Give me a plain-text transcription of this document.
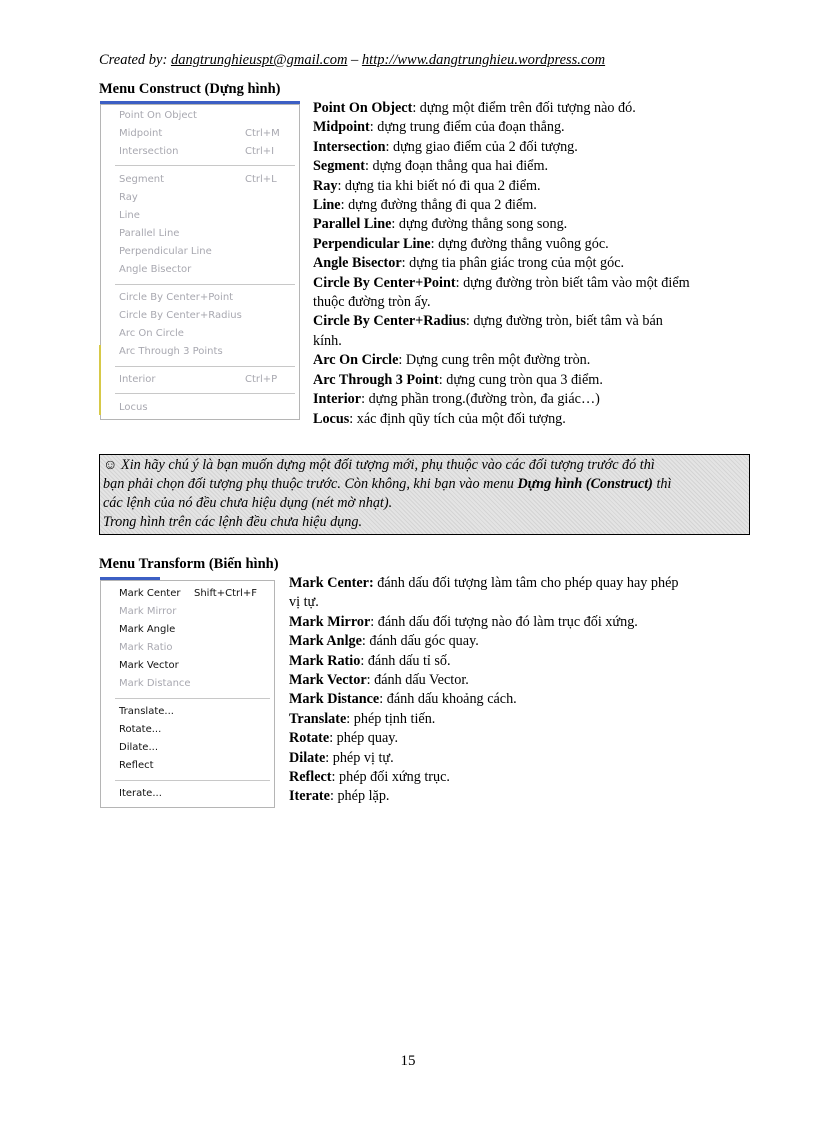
Created by: dangtrunghieuspt@gmail.com – http://www.dangtrunghieu.wordpress.com
Menu Construct (Dựng hình)
Point On Object
Midpoint	Ctrl+M
Intersection	Ctrl+I
Segment	Ctrl+L
Ray
Line
Parallel Line
Perpendicular Line
Angle Bisector
Circle By Center+Point
Circle By Center+Radius
Arc On Circle
Arc Through 3 Points
Interior	Ctrl+P
Locus
Point On Object: dựng một điểm trên đối tượng nào đó.
Midpoint: dựng trung điểm của đoạn thẳng.
Intersection: dựng giao điểm của 2 đối tượng.
Segment: dựng đoạn thẳng qua hai điểm.
Ray: dựng tia khi biết nó đi qua 2 điểm.
Line: dựng đường thẳng đi qua 2 điểm.
Parallel Line: dựng đường thẳng song song.
Perpendicular Line: dựng đường thẳng vuông góc.
Angle Bisector: dựng tia phân giác trong của một góc.
Circle By Center+Point: dựng đường tròn biết tâm vào một điểm
thuộc đường tròn ấy.
Circle By Center+Radius: dựng đường tròn, biết tâm và bán
kính.
Arc On Circle: Dựng cung trên một đường tròn.
Arc Through 3 Point: dựng cung tròn qua 3 điểm.
Interior: dựng phần trong.(đường tròn, đa giác…)
Locus: xác định qũy tích của một đối tượng.
☺ Xin hãy chú ý là bạn muốn dựng một đối tượng mới, phụ thuộc vào các đối tượng trước đó thì
bạn phải chọn đối tượng phụ thuộc trước. Còn không, khi bạn vào menu Dựng hình (Construct) thì
các lệnh của nó đều chưa hiệu dụng (nét mờ nhạt).
Trong hình trên các lệnh đều chưa hiệu dụng.
Menu Transform (Biến hình)
Mark Center Shift+Ctrl+F
Mark Mirror
Mark Angle
Mark Ratio
Mark Vector
Mark Distance
Translate...
Rotate...
Dilate...
Reflect
Iterate...
Mark Center: đánh dấu đối tượng làm tâm cho phép quay hay phép
vị tự.
Mark Mirror: đánh dấu đối tượng nào đó làm trục đối xứng.
Mark Anlge: đánh dấu góc quay.
Mark Ratio: đánh dấu tỉ số.
Mark Vector: đánh dấu Vector.
Mark Distance: đánh dấu khoảng cách.
Translate: phép tịnh tiến.
Rotate: phép quay.
Dilate: phép vị tự.
Reflect: phép đối xứng trục.
Iterate: phép lặp.
15
